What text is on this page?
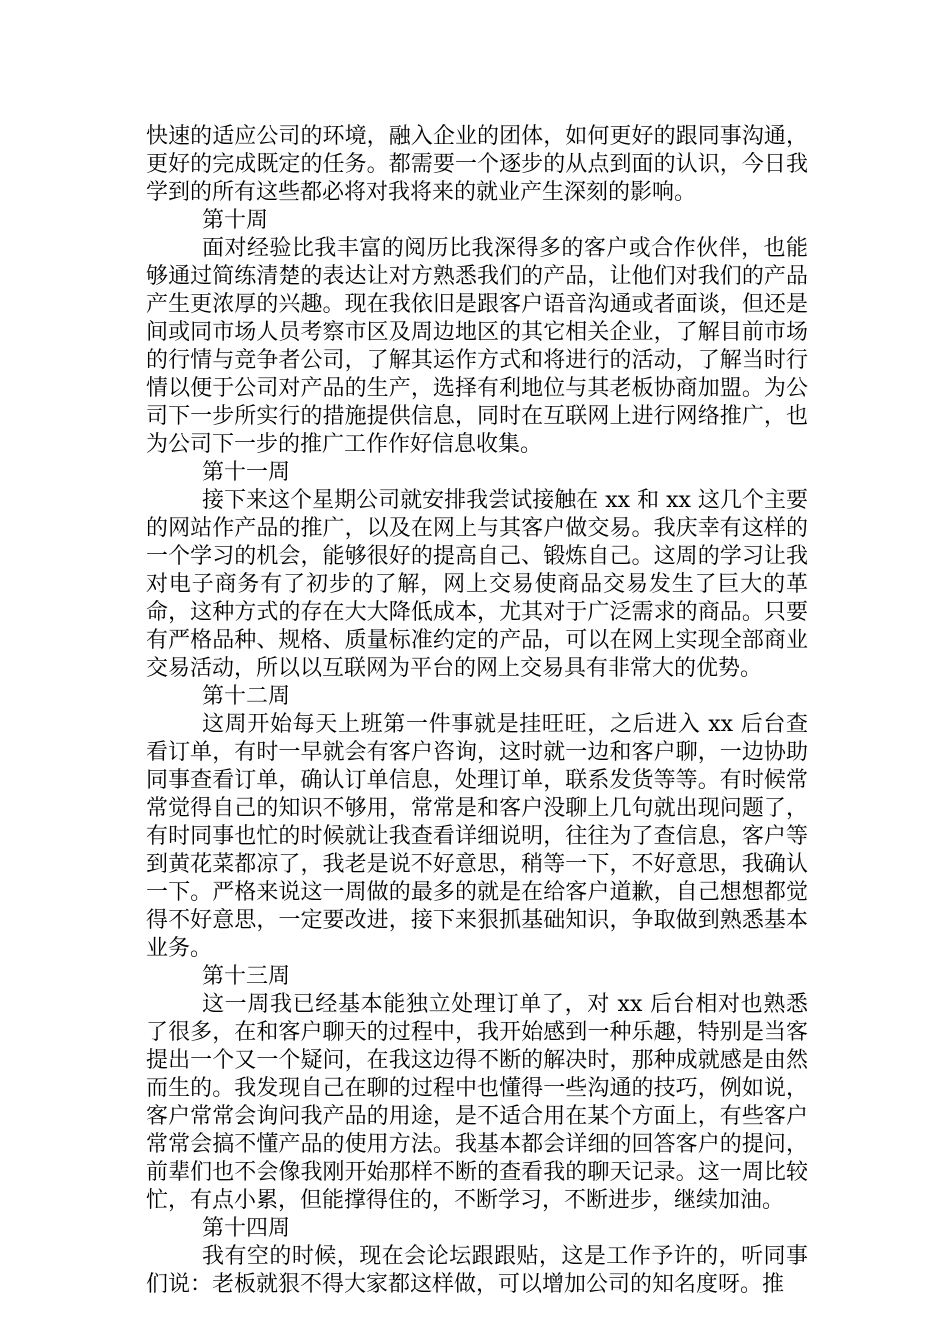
快速的适应公司的环境，融入企业的团体，如何更好的跟同事沟通，更好的完成既定的任务。都需要一个逐步的从点到面的认识，今日我学到的所有这些都必将对我将来的就业产生深刻的影响。

第十周

面对经验比我丰富的阅历比我深得多的客户或合作伙伴，也能够通过简练清楚的表达让对方熟悉我们的产品，让他们对我们的产品产生更浓厚的兴趣。现在我依旧是跟客户语音沟通或者面谈，但还是间或同市场人员考察市区及周边地区的其它相关企业，了解目前市场的行情与竞争者公司，了解其运作方式和将进行的活动，了解当时行情以便于公司对产品的生产，选择有利地位与其老板协商加盟。为公司下一步所实行的措施提供信息，同时在互联网上进行网络推广，也为公司下一步的推广工作作好信息收集。

第十一周

接下来这个星期公司就安排我尝试接触在 xx 和 xx 这几个主要的网站作产品的推广，以及在网上与其客户做交易。我庆幸有这样的一个学习的机会，能够很好的提高自己、锻炼自己。这周的学习让我对电子商务有了初步的了解，网上交易使商品交易发生了巨大的革命，这种方式的存在大大降低成本，尤其对于广泛需求的商品。只要有严格品种、规格、质量标准约定的产品，可以在网上实现全部商业交易活动，所以以互联网为平台的网上交易具有非常大的优势。

第十二周

这周开始每天上班第一件事就是挂旺旺，之后进入 xx 后台查看订单，有时一早就会有客户咨询，这时就一边和客户聊，一边协助同事查看订单，确认订单信息，处理订单，联系发货等等。有时候常常觉得自己的知识不够用，常常是和客户没聊上几句就出现问题了，有时同事也忙的时候就让我查看详细说明，往往为了查信息，客户等到黄花菜都凉了，我老是说不好意思，稍等一下，不好意思，我确认一下。严格来说这一周做的最多的就是在给客户道歉，自己想想都觉得不好意思，一定要改进，接下来狠抓基础知识，争取做到熟悉基本业务。

第十三周

这一周我已经基本能独立处理订单了，对 xx 后台相对也熟悉了很多，在和客户聊天的过程中，我开始感到一种乐趣，特别是当客提出一个又一个疑问，在我这边得不断的解决时，那种成就感是由然而生的。我发现自己在聊的过程中也懂得一些沟通的技巧，例如说，客户常常会询问我产品的用途，是不适合用在某个方面上，有些客户常常会搞不懂产品的使用方法。我基本都会详细的回答客户的提问，前辈们也不会像我刚开始那样不断的查看我的聊天记录。这一周比较忙，有点小累，但能撑得住的，不断学习，不断进步，继续加油。

第十四周

我有空的时候，现在会论坛跟跟贴，这是工作予许的，听同事们说：老板就狠不得大家都这样做，可以增加公司的知名度呀。推
